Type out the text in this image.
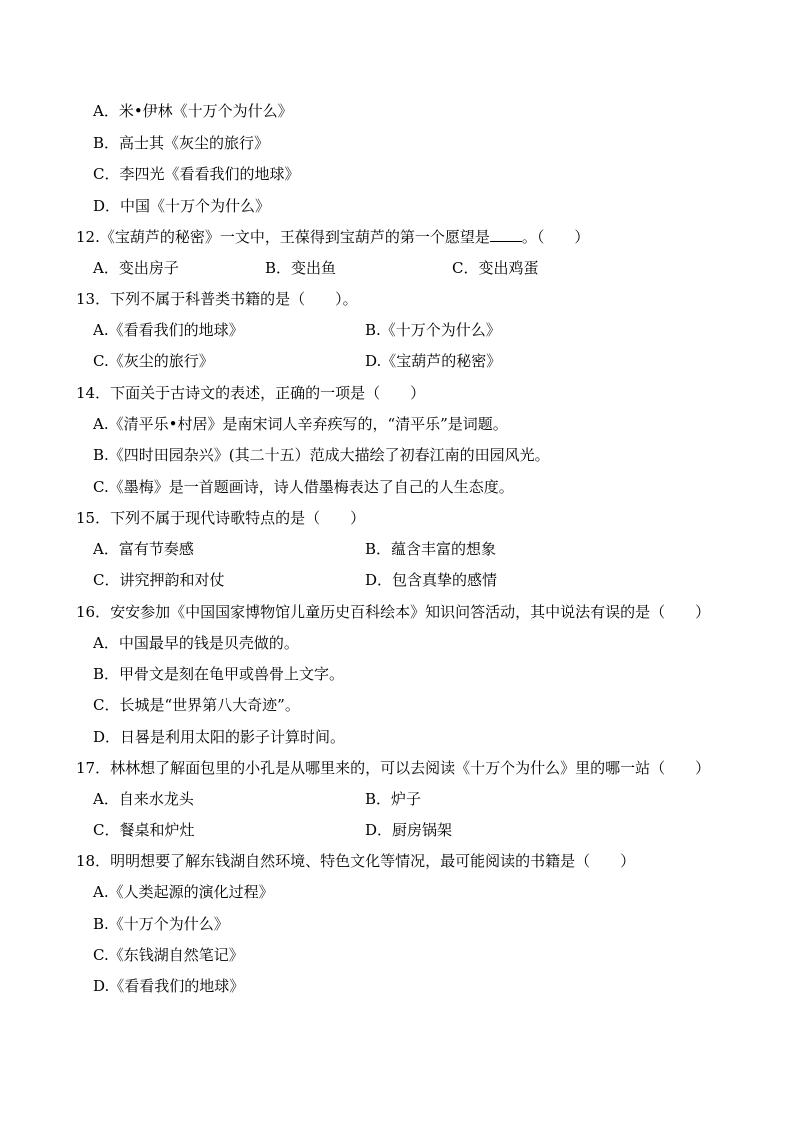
A．米•伊林《十万个为什么》
B．高士其《灰尘的旅行》
C．李四光《看看我们的地球》
D．中国《十万个为什么》
12.《宝葫芦的秘密》一文中，王葆得到宝葫芦的第一个愿望是 。（　　）
A．变出房子	B．变出鱼	C．变出鸡蛋
13．下列不属于科普类书籍的是（　　）。
A.《看看我们的地球》	B.《十万个为什么》
C.《灰尘的旅行》	D.《宝葫芦的秘密》
14．下面关于古诗文的表述，正确的一项是（　　）
A.《清平乐•村居》是南宋词人辛弃疾写的，“清平乐”是词题。
B.《四时田园杂兴》(其二十五）范成大描绘了初春江南的田园风光。
C.《墨梅》是一首题画诗，诗人借墨梅表达了自己的人生态度。
15．下列不属于现代诗歌特点的是（　　）
A．富有节奏感	B．蕴含丰富的想象
C．讲究押韵和对仗	D．包含真挚的感情
16．安安参加《中国国家博物馆儿童历史百科绘本》知识问答活动，其中说法有误的是（　　）
A．中国最早的钱是贝壳做的。
B．甲骨文是刻在龟甲或兽骨上文字。
C．长城是“世界第八大奇迹”。
D．日晷是利用太阳的影子计算时间。
17．林林想了解面包里的小孔是从哪里来的，可以去阅读《十万个为什么》里的哪一站（　　）
A．自来水龙头	B．炉子
C．餐桌和炉灶	D．厨房锅架
18．明明想要了解东钱湖自然环境、特色文化等情况，最可能阅读的书籍是（　　）
A.《人类起源的演化过程》
B.《十万个为什么》
C.《东钱湖自然笔记》
D.《看看我们的地球》
